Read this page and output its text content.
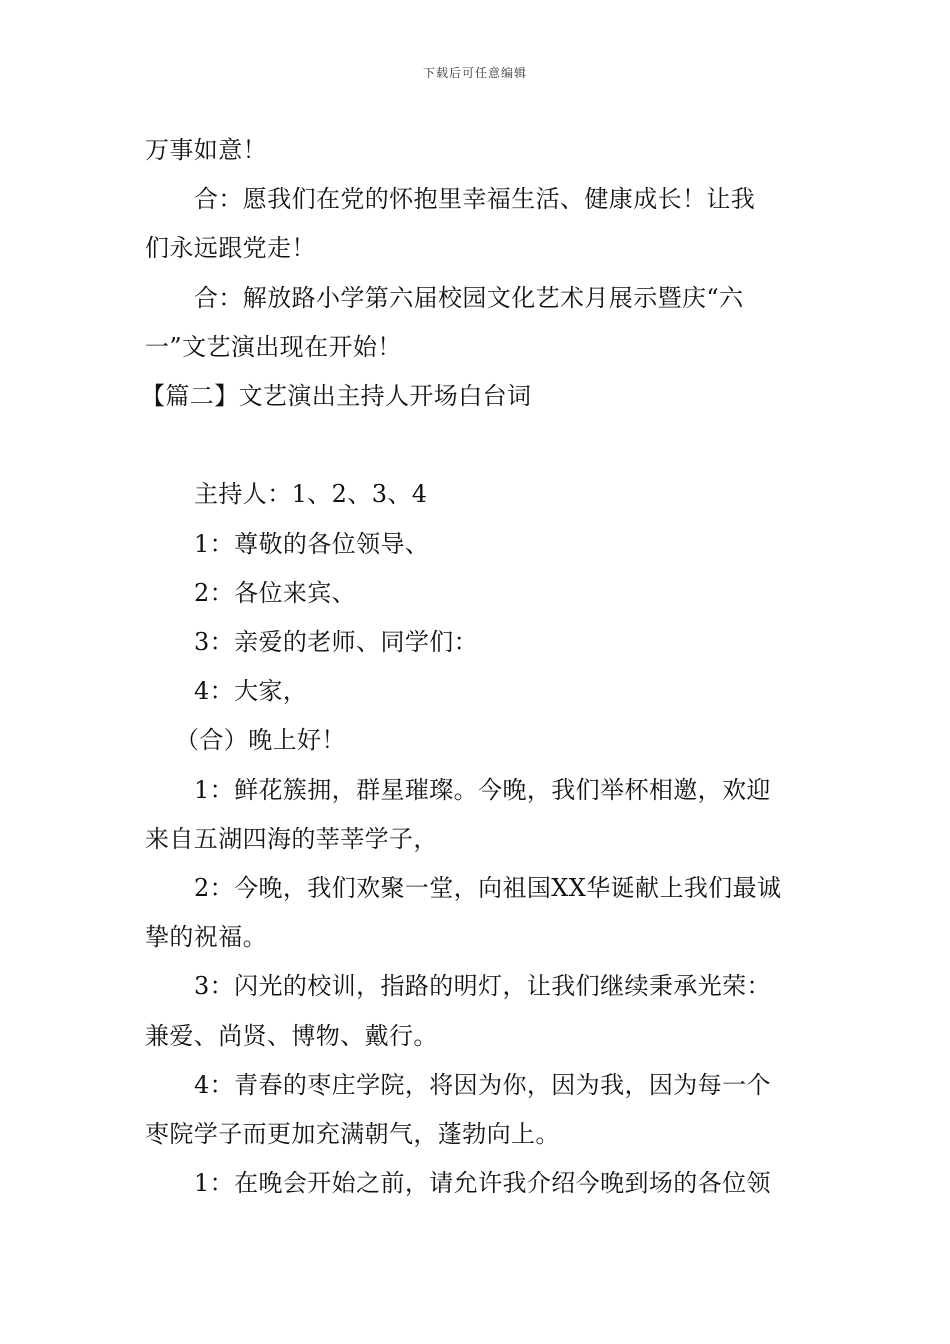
下载后可任意编辑

万事如意！

合：愿我们在党的怀抱里幸福生活、健康成长！让我

们永远跟党走！

合：解放路小学第六届校园文化艺术月展示暨庆“六

一”文艺演出现在开始！

【篇二】文艺演出主持人开场白台词

主持人：1、2、3、4

1：尊敬的各位领导、

2：各位来宾、

3：亲爱的老师、同学们：

4：大家，

（合）晚上好！

1：鲜花簇拥，群星璀璨。今晚，我们举杯相邀，欢迎

来自五湖四海的莘莘学子，

2：今晚，我们欢聚一堂，向祖国XX华诞献上我们最诚

挚的祝福。

3：闪光的校训，指路的明灯，让我们继续秉承光荣：

兼爱、尚贤、博物、戴行。

4：青春的枣庄学院，将因为你，因为我，因为每一个

枣院学子而更加充满朝气，蓬勃向上。

1：在晚会开始之前，请允许我介绍今晚到场的各位领
